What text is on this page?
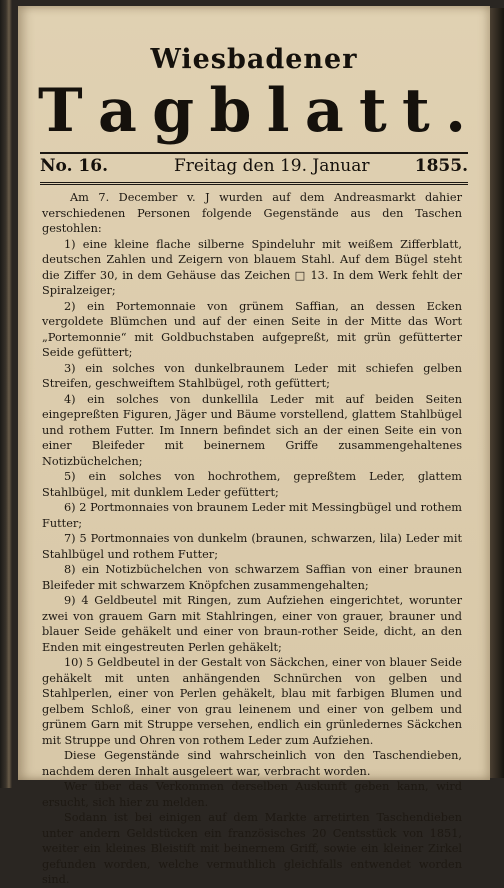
Wiesbadener
T a g b l a t t .
No. 16.	Freitag den 19. Januar	1855.

Am 7. December v. J wurden auf dem Andreasmarkt dahier verschiedenen Personen folgende Gegenstände aus den Taschen gestohlen:

1) eine kleine flache silberne Spindeluhr mit weißem Zifferblatt, deutschen Zahlen und Zeigern von blauem Stahl. Auf dem Bügel steht die Ziffer 30, in dem Gehäuse das Zeichen □ 13. In dem Werk fehlt der Spiralzeiger;

2) ein Portemonnaie von grünem Saffian, an dessen Ecken vergoldete Blümchen und auf der einen Seite in der Mitte das Wort „Portemonnie“ mit Goldbuchstaben aufgepreßt, mit grün gefütterter Seide gefüttert;

3) ein solches von dunkelbraunem Leder mit schiefen gelben Streifen, geschweiftem Stahlbügel, roth gefüttert;

4) ein solches von dunkellila Leder mit auf beiden Seiten eingepreßten Figuren, Jäger und Bäume vorstellend, glattem Stahlbügel und rothem Futter. Im Innern befindet sich an der einen Seite ein von einer Bleifeder mit beinernem Griffe zusammengehaltenes Notizbüchelchen;

5) ein solches von hochrothem, gepreßtem Leder, glattem Stahlbügel, mit dunklem Leder gefüttert;

6) 2 Portmonnaies von braunem Leder mit Messingbügel und rothem Futter;

7) 5 Portmonnaies von dunkelm (braunen, schwarzen, lila) Leder mit Stahlbügel und rothem Futter;

8) ein Notizbüchelchen von schwarzem Saffian von einer braunen Bleifeder mit schwarzem Knöpfchen zusammengehalten;

9) 4 Geldbeutel mit Ringen, zum Aufziehen eingerichtet, worunter zwei von grauem Garn mit Stahlringen, einer von grauer, brauner und blauer Seide gehäkelt und einer von braun-rother Seide, dicht, an den Enden mit eingestreuten Perlen gehäkelt;

10) 5 Geldbeutel in der Gestalt von Säckchen, einer von blauer Seide gehäkelt mit unten anhängenden Schnürchen von gelben und Stahlperlen, einer von Perlen gehäkelt, blau mit farbigen Blumen und gelbem Schloß, einer von grau leinenem und einer von gelbem und grünem Garn mit Struppe versehen, endlich ein grünledernes Säckchen mit Struppe und Ohren von rothem Leder zum Aufziehen.

Diese Gegenstände sind wahrscheinlich von den Taschendieben, nachdem deren Inhalt ausgeleert war, verbracht worden.

Wer über das Verkommen derselben Auskunft geben kann, wird ersucht, sich hier zu melden.

Sodann ist bei einigen auf dem Markte arretirten Taschendieben unter andern Geldstücken ein französisches 20 Centsstück von 1851, weiter ein kleines Bleistift mit beinernem Griff, sowie ein kleiner Zirkel gefunden worden, welche vermuthlich gleichfalls entwendet worden sind.
